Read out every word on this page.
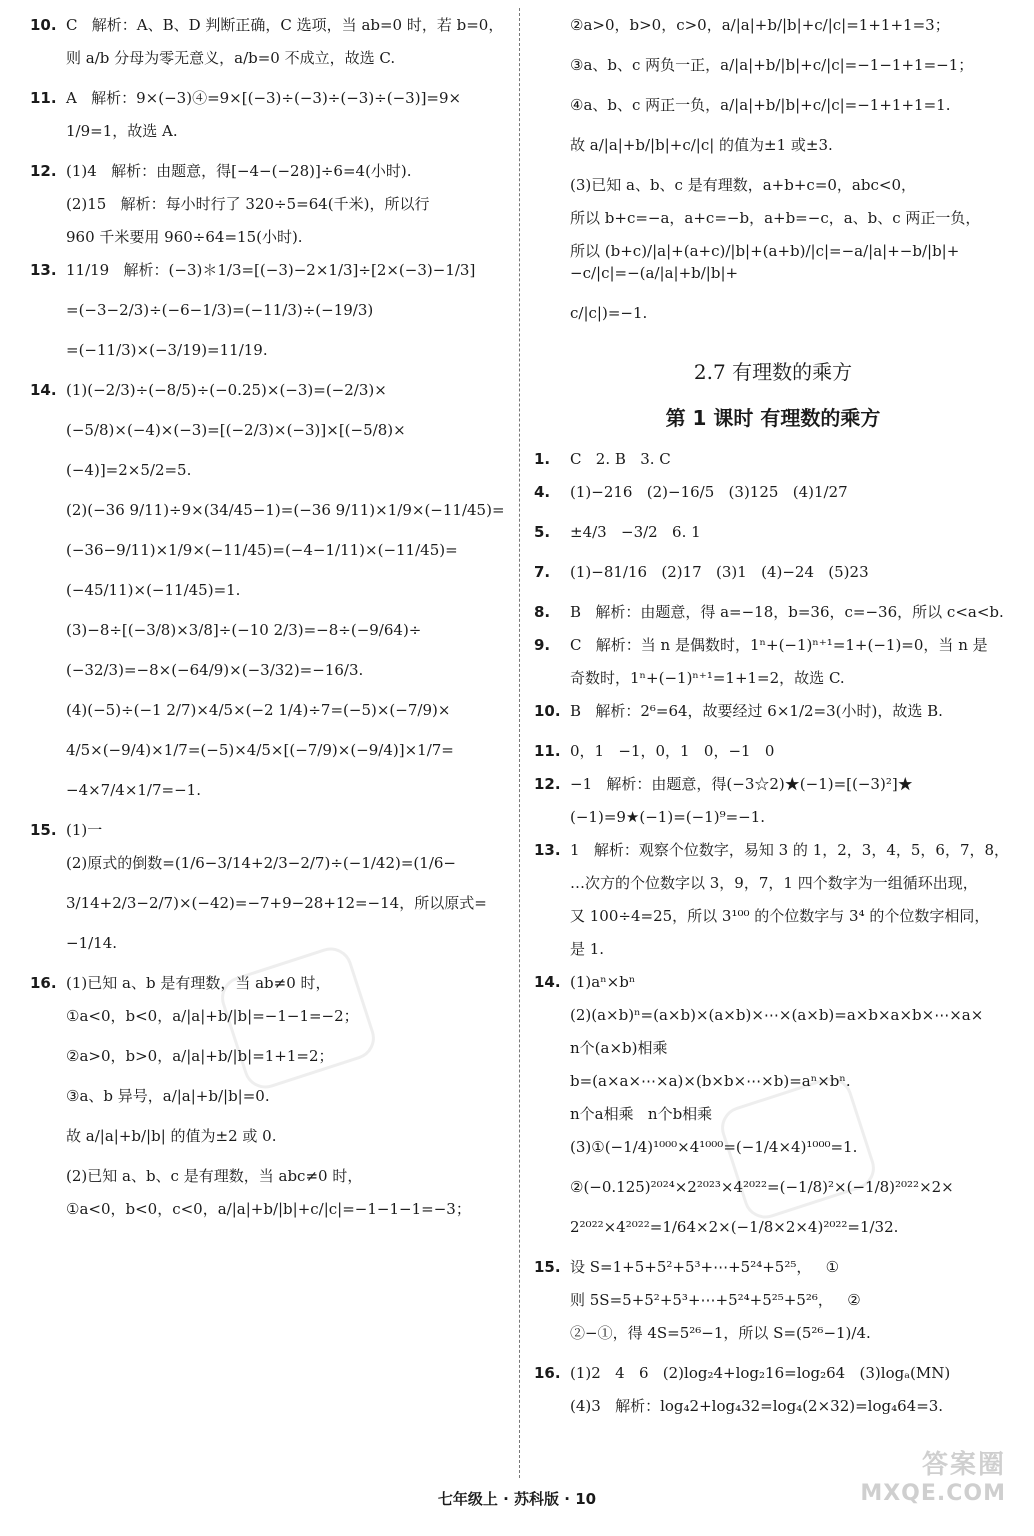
10. C   解析：A、B、D 判断正确，C 选项，当 ab=0 时，若 b=0，
则 a/b 分母为零无意义，a/b=0 不成立，故选 C.
11. A   解析：9×(−3)④=9×[(−3)÷(−3)÷(−3)÷(−3)]=9×
1/9=1，故选 A.
12. (1)4   解析：由题意，得[−4−(−28)]÷6=4(小时).
(2)15   解析：每小时行了 320÷5=64(千米)，所以行
960 千米要用 960÷64=15(小时).
13. 11/19   解析：(−3)＊1/3=[(−3)−2×1/3]÷[2×(−3)−1/3]
=(−3−2/3)÷(−6−1/3)=(−11/3)÷(−19/3)
=(−11/3)×(−3/19)=11/19.
14. (1)(−2/3)÷(−8/5)÷(−0.25)×(−3)=(−2/3)×
(−5/8)×(−4)×(−3)=[(−2/3)×(−3)]×[(−5/8)×
(−4)]=2×5/2=5.
(2)(−36 9/11)÷9×(34/45−1)=(−36 9/11)×1/9×(−11/45)=
(−36−9/11)×1/9×(−11/45)=(−4−1/11)×(−11/45)=
(−45/11)×(−11/45)=1.
(3)−8÷[(−3/8)×3/8]÷(−10 2/3)=−8÷(−9/64)÷
(−32/3)=−8×(−64/9)×(−3/32)=−16/3.
(4)(−5)÷(−1 2/7)×4/5×(−2 1/4)÷7=(−5)×(−7/9)×
4/5×(−9/4)×1/7=(−5)×4/5×[(−7/9)×(−9/4)]×1/7=
−4×7/4×1/7=−1.
15. (1)一
(2)原式的倒数=(1/6−3/14+2/3−2/7)÷(−1/42)=(1/6−
3/14+2/3−2/7)×(−42)=−7+9−28+12=−14，所以原式=
−1/14.
16. (1)已知 a、b 是有理数，当 ab≠0 时，
①a<0，b<0，a/|a|+b/|b|=−1−1=−2；
②a>0，b>0，a/|a|+b/|b|=1+1=2；
③a、b 异号，a/|a|+b/|b|=0.
故 a/|a|+b/|b| 的值为±2 或 0.
(2)已知 a、b、c 是有理数，当 abc≠0 时，
①a<0，b<0，c<0，a/|a|+b/|b|+c/|c|=−1−1−1=−3；
②a>0，b>0，c>0，a/|a|+b/|b|+c/|c|=1+1+1=3；
③a、b、c 两负一正，a/|a|+b/|b|+c/|c|=−1−1+1=−1；
④a、b、c 两正一负，a/|a|+b/|b|+c/|c|=−1+1+1=1.
故 a/|a|+b/|b|+c/|c| 的值为±1 或±3.
(3)已知 a、b、c 是有理数，a+b+c=0，abc<0，
所以 b+c=−a，a+c=−b，a+b=−c，a、b、c 两正一负，
所以 (b+c)/|a|+(a+c)/|b|+(a+b)/|c|=−a/|a|+−b/|b|+−c/|c|=−(a/|a|+b/|b|+
c/|c|)=−1.
2.7 有理数的乘方
第 1 课时 有理数的乘方
1.	C   2. B   3. C
4.	(1)−216   (2)−16/5   (3)125   (4)1/27
5.	±4/3   −3/2   6. 1
7.	(1)−81/16   (2)17   (3)1   (4)−24   (5)23
8.	B   解析：由题意，得 a=−18，b=36，c=−36，所以 c<a<b.
9.	C   解析：当 n 是偶数时，1ⁿ+(−1)ⁿ⁺¹=1+(−1)=0，当 n 是
奇数时，1ⁿ+(−1)ⁿ⁺¹=1+1=2，故选 C.
10. B   解析：2⁶=64，故要经过 6×1/2=3(小时)，故选 B.
11. 0，1   −1，0，1   0，−1   0
12. −1   解析：由题意，得(−3☆2)★(−1)=[(−3)²]★
(−1)=9★(−1)=(−1)⁹=−1.
13. 1   解析：观察个位数字，易知 3 的 1，2，3，4，5，6，7，8，
…次方的个位数字以 3，9，7，1 四个数字为一组循环出现，
又 100÷4=25，所以 3¹⁰⁰ 的个位数字与 3⁴ 的个位数字相同，
是 1.
14. (1)aⁿ×bⁿ
(2)(a×b)ⁿ=(a×b)×(a×b)×⋯×(a×b)=a×b×a×b×⋯×a×
n个(a×b)相乘
b=(a×a×⋯×a)×(b×b×⋯×b)=aⁿ×bⁿ.
n个a相乘   n个b相乘
(3)①(−1/4)¹⁰⁰⁰×4¹⁰⁰⁰=(−1/4×4)¹⁰⁰⁰=1.
②(−0.125)²⁰²⁴×2²⁰²³×4²⁰²²=(−1/8)²×(−1/8)²⁰²²×2×
2²⁰²²×4²⁰²²=1/64×2×(−1/8×2×4)²⁰²²=1/32.
15. 设 S=1+5+5²+5³+⋯+5²⁴+5²⁵，   ①
则 5S=5+5²+5³+⋯+5²⁴+5²⁵+5²⁶，   ②
②−①，得 4S=5²⁶−1，所以 S=(5²⁶−1)/4.
16. (1)2   4   6   (2)log₂4+log₂16=log₂64   (3)logₐ(MN)
(4)3   解析：log₄2+log₄32=log₄(2×32)=log₄64=3.
七年级上 · 苏科版 · 10
答案圈
MXQE.COM
